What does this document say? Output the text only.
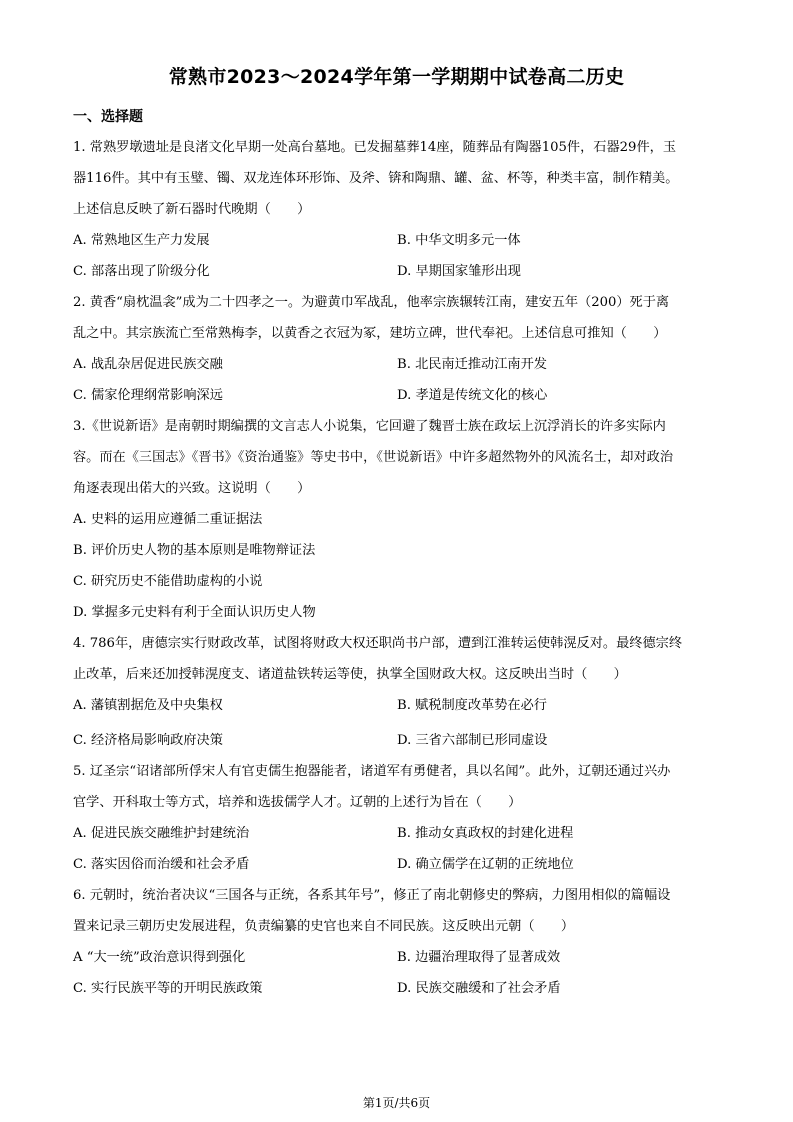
常熟市2023～2024学年第一学期期中试卷高二历史
一、选择题
1. 常熟罗墩遗址是良渚文化早期一处高台墓地。已发掘墓葬14座，随葬品有陶器105件，石器29件，玉
器116件。其中有玉璧、镯、双龙连体环形饰、及斧、锛和陶鼎、罐、盆、杯等，种类丰富，制作精美。
上述信息反映了新石器时代晚期（　　）
A. 常熟地区生产力发展	B. 中华文明多元一体
C. 部落出现了阶级分化	D. 早期国家雏形出现
2. 黄香“扇枕温衾”成为二十四孝之一。为避黄巾军战乱，他率宗族辗转江南，建安五年（200）死于离
乱之中。其宗族流亡至常熟梅李，以黄香之衣冠为冢，建坊立碑，世代奉祀。上述信息可推知（　　）
A. 战乱杂居促进民族交融	B. 北民南迁推动江南开发
C. 儒家伦理纲常影响深远	D. 孝道是传统文化的核心
3.《世说新语》是南朝时期编撰的文言志人小说集，它回避了魏晋士族在政坛上沉浮消长的许多实际内
容。而在《三国志》《晋书》《资治通鉴》等史书中，《世说新语》中许多超然物外的风流名士，却对政治
角逐表现出偌大的兴致。这说明（　　）
A. 史料的运用应遵循二重证据法
B. 评价历史人物的基本原则是唯物辩证法
C. 研究历史不能借助虚构的小说
D. 掌握多元史料有利于全面认识历史人物
4. 786年，唐德宗实行财政改革，试图将财政大权还职尚书户部，遭到江淮转运使韩滉反对。最终德宗终
止改革，后来还加授韩滉度支、诸道盐铁转运等使，执掌全国财政大权。这反映出当时（　　）
A. 藩镇割据危及中央集权	B. 赋税制度改革势在必行
C. 经济格局影响政府决策	D. 三省六部制已形同虚设
5. 辽圣宗“诏诸部所俘宋人有官吏儒生抱器能者，诸道军有勇健者，具以名闻”。此外，辽朝还通过兴办
官学、开科取士等方式，培养和选拔儒学人才。辽朝的上述行为旨在（　　）
A. 促进民族交融维护封建统治	B. 推动女真政权的封建化进程
C. 落实因俗而治缓和社会矛盾	D. 确立儒学在辽朝的正统地位
6. 元朝时，统治者决议“三国各与正统，各系其年号”，修正了南北朝修史的弊病，力图用相似的篇幅设
置来记录三朝历史发展进程，负责编纂的史官也来自不同民族。这反映出元朝（　　）
A “大一统”政治意识得到强化	B. 边疆治理取得了显著成效
C. 实行民族平等的开明民族政策	D. 民族交融缓和了社会矛盾
第1页/共6页
